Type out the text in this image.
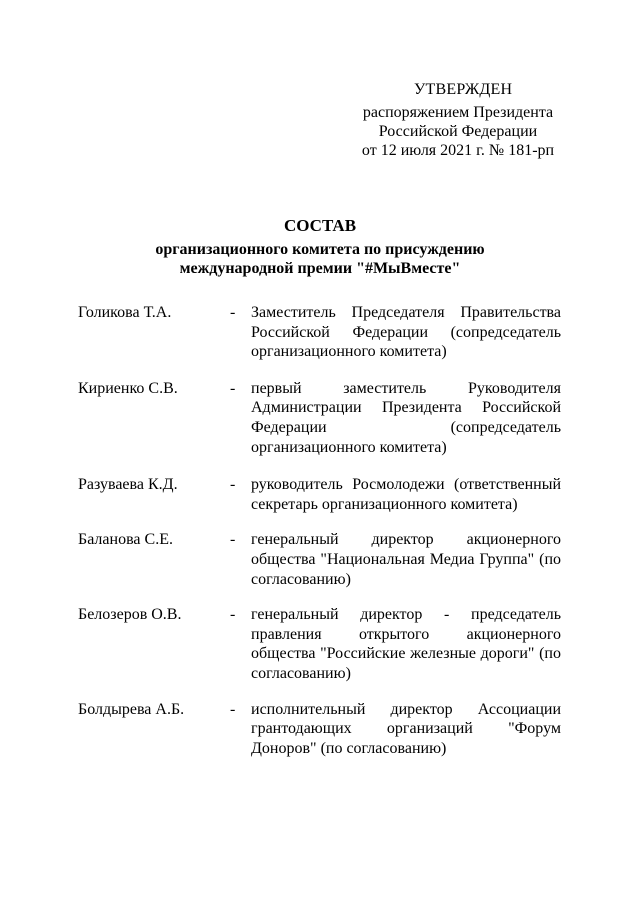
УТВЕРЖДЕН
распоряжением Президента
Российской Федерации
от 12 июля 2021 г. № 181-рп
СОСТАВ
организационного комитета по присуждению
международной премии "#МыВместе"
Голикова Т.А.	- Заместитель Председателя Правительства Российской Федерации (сопредседатель организационного комитета)
Кириенко С.В.	- первый заместитель Руководителя Администрации Президента Российской Федерации (сопредседатель организационного комитета)
Разуваева К.Д.	- руководитель Росмолодежи (ответственный секретарь организационного комитета)
Баланова С.Е.	- генеральный директор акционерного общества "Национальная Медиа Группа" (по согласованию)
Белозеров О.В.	- генеральный директор - председатель правления открытого акционерного общества "Российские железные дороги" (по согласованию)
Болдырева А.Б.	- исполнительный директор Ассоциации грантодающих организаций "Форум Доноров" (по согласованию)
